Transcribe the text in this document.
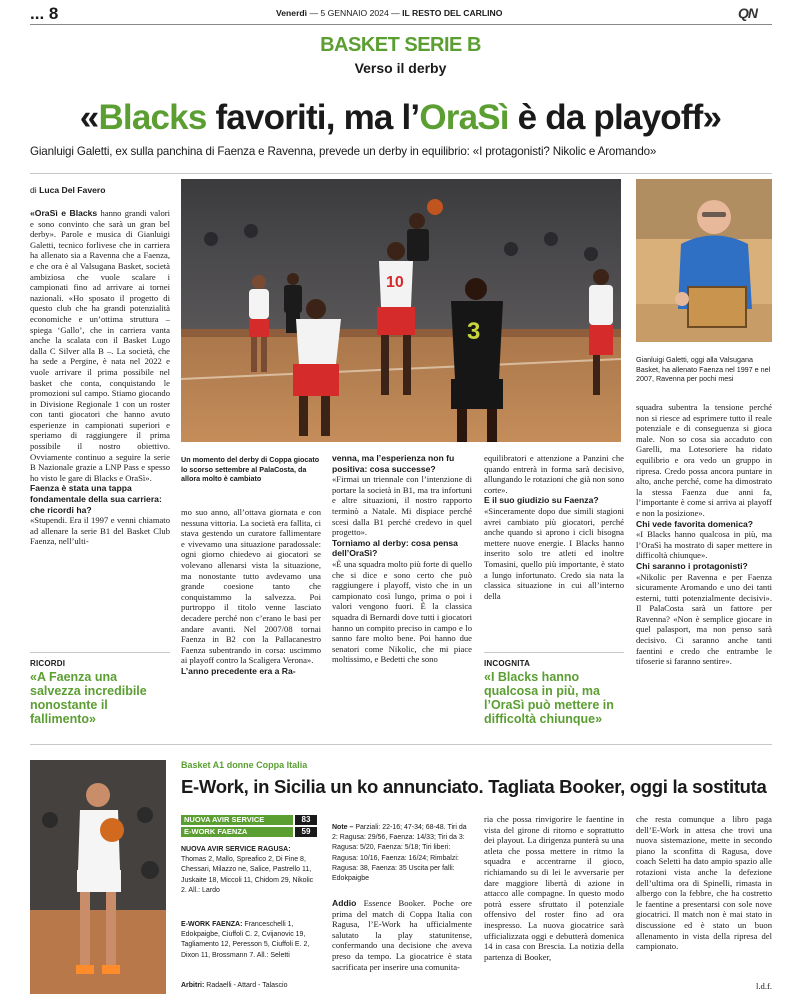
... 8	Venerdì — 5 GENNAIO 2024 — IL RESTO DEL CARLINO	QN
BASKET SERIE B
Verso il derby
«Blacks favoriti, ma l’OraSì è da playoff»
Gianluigi Galetti, ex sulla panchina di Faenza e Ravenna, prevede un derby in equilibrio: «I protagonisti? Nikolic e Aromando»
di Luca Del Favero

«OraSì e Blacks hanno grandi valori e sono convinto che sarà un gran bel derby». Parole e musica di Gianluigi Galetti, tecnico forlivese che in carriera ha allenato sia a Ravenna che a Faenza, e che ora è al Valsugana Basket, società ambiziosa che vuole scalare i campionati fino ad arrivare ai tornei nazionali. «Ho sposato il progetto di questo club che ha grandi potenzialità economiche e un’ottima struttura – spiega ‘Gallo’, che in carriera vanta anche la scalata con il Basket Lugo dalla C Silver alla B –. La società, che ha sede a Pergine, è nata nel 2022 e vuole arrivare il prima possibile nel basket che conta, conquistando le promozioni sul campo. Stiamo giocando in Divisione Regionale 1 con un roster con tanti giocatori che hanno avuto esperienze in campionati superiori e speriamo di raggiungere il prima possibile il nostro obiettivo. Ovviamente continuo a seguire la serie B Nazionale grazie a LNP Pass e spesso ho visto le gare di Blacks e OraSì».

Faenza è stata una tappa fondamentale della sua carriera: che ricordi ha?

«Stupendi. Era il 1997 e venni chiamato ad allenare la serie B1 del Basket Club Faenza, nell’ulti-

RICORDI
«A Faenza una salvezza incredibile nonostante il fallimento»
10
3
Un momento del derby di Coppa giocato lo scorso settembre al PalaCosta, da allora molto è cambiato

mo suo anno, all’ottava giornata e con nessuna vittoria. La società era fallita, ci stava gestendo un curatore fallimentare e vivevamo una situazione paradossale: ogni giorno chiedevo ai giocatori se volevano allenarsi vista la situazione, ma nonostante tutto avdevamo una grande coesione tanto che conquistammo la salvezza. Poi purtroppo il titolo venne lasciato decadere perché non c’erano le basi per andare avanti. Nel 2007/08 tornai Faenza in B2 con la Pallacanestro Faenza subentrando in corsa: uscimmo ai playoff contro la Scaligera Verona».

L’anno precedente era a Ra-

venna, ma l’esperienza non fu positiva: cosa successe?

«Firmai un triennale con l’intenzione di portare la società in B1, ma tra infortuni e altre situazioni, il nostro rapporto terminò a Natale. Mi dispiace perché scesi dalla B1 perché credevo in quel progetto».

Torniamo al derby: cosa pensa dell’OraSì?

«È una squadra molto più forte di quello che si dice e sono certo che può raggiungere i playoff, visto che in un campionato così lungo, prima o poi i valori vengono fuori. È la classica squadra di Bernardi dove tutti i giocatori hanno un compito preciso in campo e lo sanno fare molto bene. Poi hanno due senatori come Nikolic, che mi piace moltissimo, e Bedetti che sono

equilibratori e attenzione a Panzini che quando entrerà in forma sarà decisivo, allungando le rotazioni che già non sono corte».

E il suo giudizio su Faenza?

«Sinceramente dopo due simili stagioni avrei cambiato più giocatori, perché anche quando si aprono i cicli bisogna mettere nuove energie. I Blacks hanno inserito solo tre atleti ed inoltre Tomasini, quello più importante, è stato a lungo infortunato. Credo sia nata la classica situazione in cui all’interno della

INCOGNITA
«I Blacks hanno qualcosa in più, ma l’OraSì può mettere in difficoltà chiunque»
Gianluigi Galetti, oggi alla Valsugana Basket, ha allenato Faenza nel 1997 e nel 2007, Ravenna per pochi mesi

squadra subentra la tensione perché non si riesce ad esprimere tutto il reale potenziale e di conseguenza si gioca male. Non so cosa sia accaduto con Garelli, ma Lotesoriere ha ridato equilibrio e ora vedo un gruppo in ripresa. Credo possa ancora puntare in alto, anche perché, come ha dimostrato la stessa Faenza due anni fa, l’importante è come si arriva ai playoff e non la posizione».

Chi vede favorita domenica?

«I Blacks hanno qualcosa in più, ma l’OraSì ha mostrato di saper mettere in difficoltà chiunque».

Chi saranno i protagonisti?

«Nikolic per Ravenna e per Faenza sicuramente Aromando e uno dei tanti esterni, tutti potenzialmente decisivi». Il PalaCosta sarà un fattore per Ravenna? «Non è semplice giocare in quel palasport, ma non penso sarà decisivo. Ci saranno anche tanti faentini e credo che entrambe le tifoserie si faranno sentire».

Basket A1 donne Coppa Italia
E-Work, in Sicilia un ko annunciato. Tagliata Booker, oggi la sostituta
NUOVA AVIR SERVICE	83
E-WORK FAENZA	59
NUOVA AVIR SERVICE RAGUSA: Thomas 2, Mallo, Spreafico 2, Di Fine 8, Chessari, Milazzo ne, Salice, Pastrello 11, Juskaite 18, Miccoli 11, Chidom 29, Nikolic 2. All.: Lardo
E-WORK FAENZA: Franceschelli 1, Edokpaigbe, Ciuffoli C. 2, Cvijanovic 19, Tagliamento 12, Peresson 5, Ciuffoli E. 2, Dixon 11, Brossmann 7. All.: Seletti
Arbitri: Radaelli - Attard - Talascio
Note – Parziali: 22-16; 47-34; 68-48. Tiri da 2: Ragusa: 29/56, Faenza: 14/33; Tiri da 3: Ragusa: 5/20, Faenza: 5/18; Tiri liberi: Ragusa: 10/16, Faenza: 16/24; Rimbalzi: Ragusa: 38, Faenza: 35 Uscita per falli: Edokpaigbe
Addio Essence Booker. Poche ore prima del match di Coppa Italia con Ragusa, l’E-Work ha ufficialmente salutato la play statunitense, confermando una decisione che aveva preso da tempo. La giocatrice è stata sacrificata per inserire una comunita-
ria che possa rinvigorire le faentine in vista del girone di ritorno e soprattutto dei playout. La dirigenza punterà su una atleta che possa mettere in ritmo la squadra e accentrarne il gioco, richiamando su di lei le avversarie per dare maggiore libertà di azione in attacco alle compagne. In questo modo potrà essere sfruttato il potenziale offensivo del roster fino ad ora inespresso. La nuova giocatrice sarà ufficializzata oggi e debutterà domenica 14 in casa con Brescia. La notizia della partenza di Booker,
che resta comunque a libro paga dell’E-Work in attesa che trovi una nuova sistemazione, mette in secondo piano la sconfitta di Ragusa, dove coach Seletti ha dato ampio spazio alle rotazioni vista anche la defezione dell’ultima ora di Spinelli, rimasta in albergo con la febbre, che ha costretto le faentine a presentarsi con sole nove giocatrici. Il match non è mai stato in discussione ed è stato un buon allenamento in vista della ripresa del campionato.
l.d.f.
